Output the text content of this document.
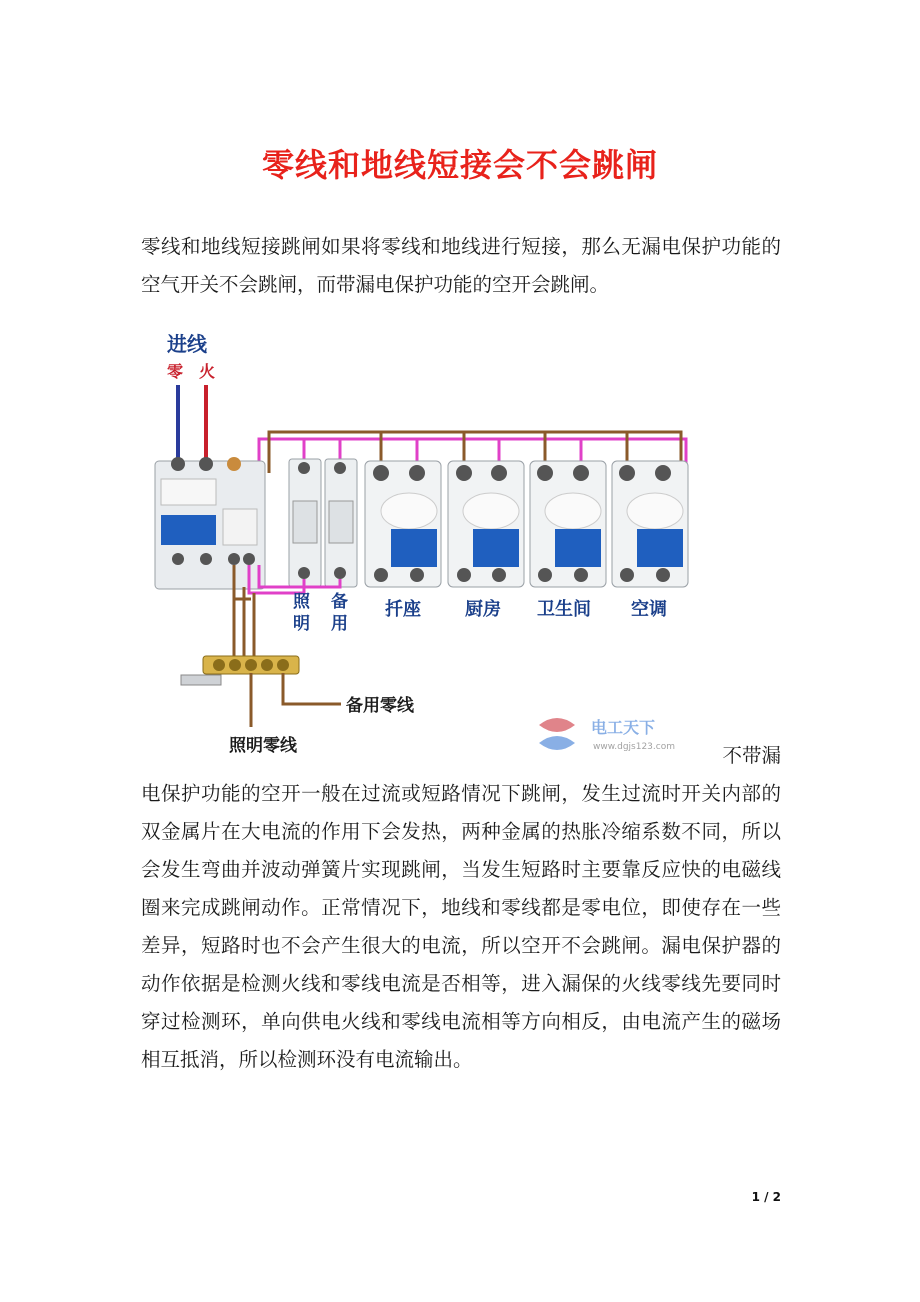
零线和地线短接会不会跳闸
零线和地线短接跳闸如果将零线和地线进行短接，那么无漏电保护功能的空气开关不会跳闸，而带漏电保护功能的空开会跳闸。
进线
零 火
照明
备用
扦座 厨房 卫生间 空调
备用零线
照明零线
电工天下
www.dgjs123.com	不带漏
电保护功能的空开一般在过流或短路情况下跳闸，发生过流时开关内部的双金属片在大电流的作用下会发热，两种金属的热胀冷缩系数不同，所以会发生弯曲并波动弹簧片实现跳闸，当发生短路时主要靠反应快的电磁线圈来完成跳闸动作。正常情况下，地线和零线都是零电位，即使存在一些差异，短路时也不会产生很大的电流，所以空开不会跳闸。漏电保护器的动作依据是检测火线和零线电流是否相等，进入漏保的火线零线先要同时穿过检测环，单向供电火线和零线电流相等方向相反，由电流产生的磁场相互抵消，所以检测环没有电流输出。
1 / 2
